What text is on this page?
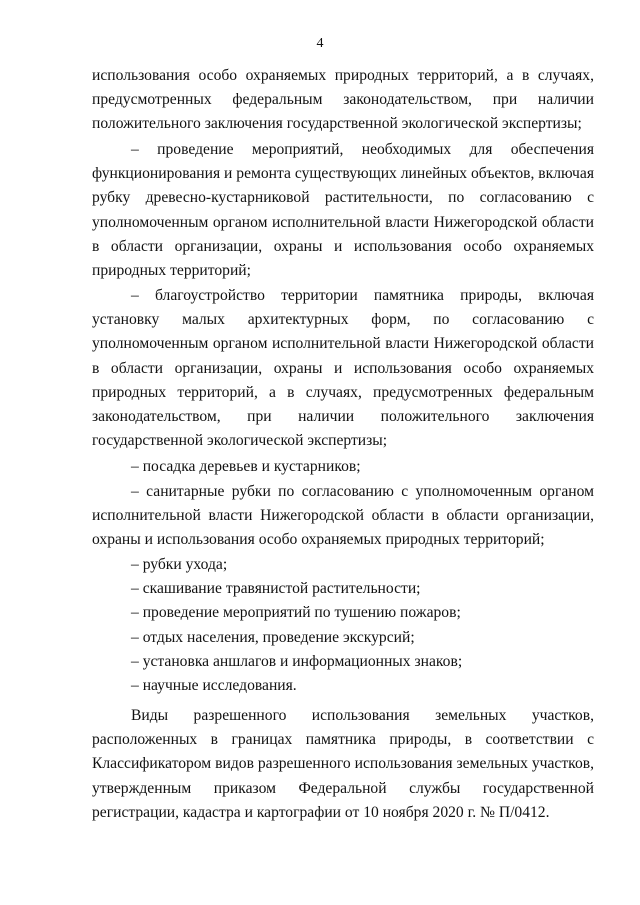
4

использования особо охраняемых природных территорий, а в случаях, предусмотренных федеральным законодательством, при наличии положительного заключения государственной экологической экспертизы;

– проведение мероприятий, необходимых для обеспечения функционирования и ремонта существующих линейных объектов, включая рубку древесно-кустарниковой растительности, по согласованию с уполномоченным органом исполнительной власти Нижегородской области в области организации, охраны и использования особо охраняемых природных территорий;

– благоустройство территории памятника природы, включая установку малых архитектурных форм, по согласованию с уполномоченным органом исполнительной власти Нижегородской области в области организации, охраны и использования особо охраняемых природных территорий, а в случаях, предусмотренных федеральным законодательством, при наличии положительного заключения государственной экологической экспертизы;

– посадка деревьев и кустарников;

– санитарные рубки по согласованию с уполномоченным органом исполнительной власти Нижегородской области в области организации, охраны и использования особо охраняемых природных территорий;

– рубки ухода;

– скашивание травянистой растительности;

– проведение мероприятий по тушению пожаров;

– отдых населения, проведение экскурсий;

– установка аншлагов и информационных знаков;

– научные исследования.

Виды разрешенного использования земельных участков, расположенных в границах памятника природы, в соответствии с Классификатором видов разрешенного использования земельных участков, утвержденным приказом Федеральной службы государственной регистрации, кадастра и картографии от 10 ноября 2020 г. № П/0412.
